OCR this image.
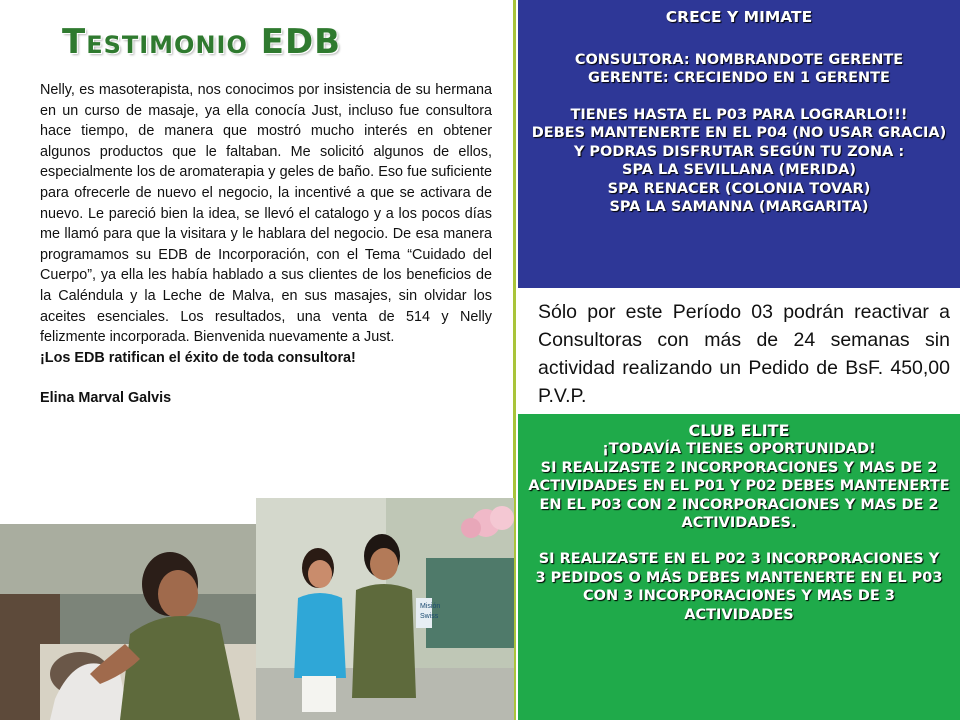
Testimonio EDB

Nelly, es masoterapista, nos conocimos por insistencia de su hermana en un curso de masaje, ya ella conocía Just, incluso fue consultora hace tiempo, de manera que mostró mucho interés en obtener algunos productos que le faltaban. Me solicitó algunos de ellos, especialmente los de aromaterapia y geles de baño. Eso fue suficiente para ofrecerle de nuevo el negocio, la incentivé a que se activara de nuevo. Le pareció bien la idea, se llevó el catalogo y a los pocos días me llamó para que la visitara y le hablara del negocio. De esa manera programamos su EDB de Incorporación, con el Tema “Cuidado del Cuerpo”, ya ella les había hablado a sus clientes de los beneficios de la Caléndula y la Leche de Malva, en sus masajes, sin olvidar los aceites esenciales. Los resultados, una venta de 514 y Nelly felizmente incorporada. Bienvenida nuevamente a Just.

¡Los EDB ratifican el éxito de toda consultora!

Elina Marval Galvis

CRECE Y MIMATE
CONSULTORA: NOMBRANDOTE GERENTE
GERENTE: CRECIENDO EN 1 GERENTE
TIENES HASTA EL P03 PARA LOGRARLO!!!
DEBES MANTENERTE EN EL P04 (NO USAR GRACIA)
Y PODRAS DISFRUTAR SEGÚN TU ZONA :
SPA LA SEVILLANA (MERIDA)
SPA RENACER (COLONIA TOVAR)
SPA LA SAMANNA (MARGARITA)
Sólo por este Período 03 podrán reactivar a Consultoras con más de 24 semanas sin actividad realizando un Pedido de BsF. 450,00 P.V.P.
CLUB ELITE
¡TODAVÍA TIENES OPORTUNIDAD!
SI REALIZASTE 2 INCORPORACIONES Y MAS DE 2 ACTIVIDADES EN EL P01 Y P02 DEBES MANTENERTE EN EL P03 CON 2 INCORPORACIONES Y MAS DE 2 ACTIVIDADES.
SI REALIZASTE EN EL P02 3 INCORPORACIONES Y
3 PEDIDOS O MÁS DEBES MANTENERTE EN EL P03 CON 3 INCORPORACIONES Y MAS DE 3 ACTIVIDADES
Misión
Swiss
